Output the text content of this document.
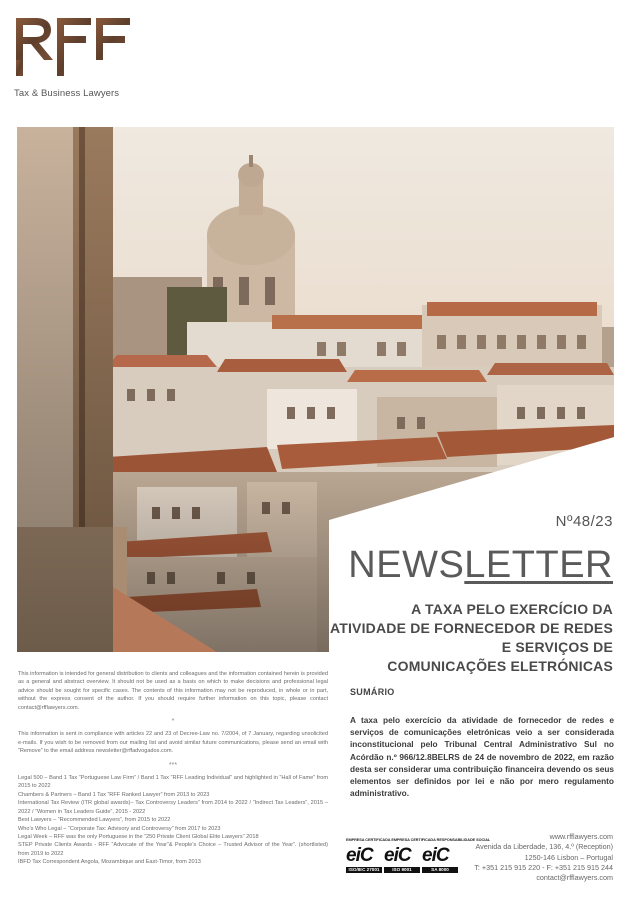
Tax & Business Lawyers
Nº48/23
NEWSLETTER
A TAXA PELO EXERCÍCIO DA
ATIVIDADE DE FORNECEDOR DE REDES
E SERVIÇOS DE
COMUNICAÇÕES ELETRÓNICAS
SUMÁRIO
A taxa pelo exercício da atividade de fornecedor de redes e serviços de comunicações eletrónicas veio a ser considerada inconstitucional pelo Tribunal Central Administrativo Sul no Acórdão n.º 966/12.8BELRS de 24 de novembro de 2022, em razão desta ser considerar uma contribuição financeira devendo os seus elementos ser definidos por lei e não por mero regulamento administrativo.

This information is intended for general distribution to clients and colleagues and the information contained herein is provided as a general and abstract overview. It should not be used as a basis on which to make decisions and professional legal advice should be sought for specific cases. The contents of this information may not be reproduced, in whole or in part, without the express consent of the author. If you should require further information on this topic, please contact contact@rfflawyers.com.

*

This information is sent in compliance with articles 22 and 23 of Decree-Law no. 7/2004, of 7 January, regarding unsolicited e-mails. If you wish to be removed from our mailing list and avoid similar future communications, please send an email with “Remove” to the email address newsletter@rffadvogados.com.

***
Legal 500 – Band 1 Tax “Portuguese Law Firm” / Band 1 Tax “RFF Leading Individual” and highlighted in “Hall of Fame” from 2015 to 2022
Chambers & Partners – Band 1 Tax “RFF Ranked Lawyer” from 2013 to 2023
International Tax Review (ITR global awards)– Tax Controversy Leaders” from 2014 to 2022 / “Indirect Tax Leaders”, 2015 – 2022 / “Women in Tax Leaders Guide”, 2015 - 2022
Best Lawyers – “Recommended Lawyers”, from 2015 to 2022
Who’s Who Legal – “Corporate Tax: Advisory and Controversy” from 2017 to 2023
Legal Week – RFF was the only Portuguese in the “250 Private Client Global Elite Lawyers” 2018
STEP Private Clients Awards - RFF “Advocate of the Year”& People’s Choice – Trusted Advisor of the Year”. (shortlisted) from 2019 to 2022
IBFD Tax Correspondent Angola, Mozambique and East-Timor, from 2013
EMPRESA CERTIFICADA EMPRESA CERTIFICADA RESPONSABILIDADE SOCIAL
eiC
ISO/IEC 27001
eiC
ISO 9001
eiC
SA 8000
www.rfflawyers.com
Avenida da Liberdade, 136, 4.º (Reception)
1250-146 Lisbon – Portugal
T: +351 215 915 220 - F: +351 215 915 244
contact@rfflawyers.com
